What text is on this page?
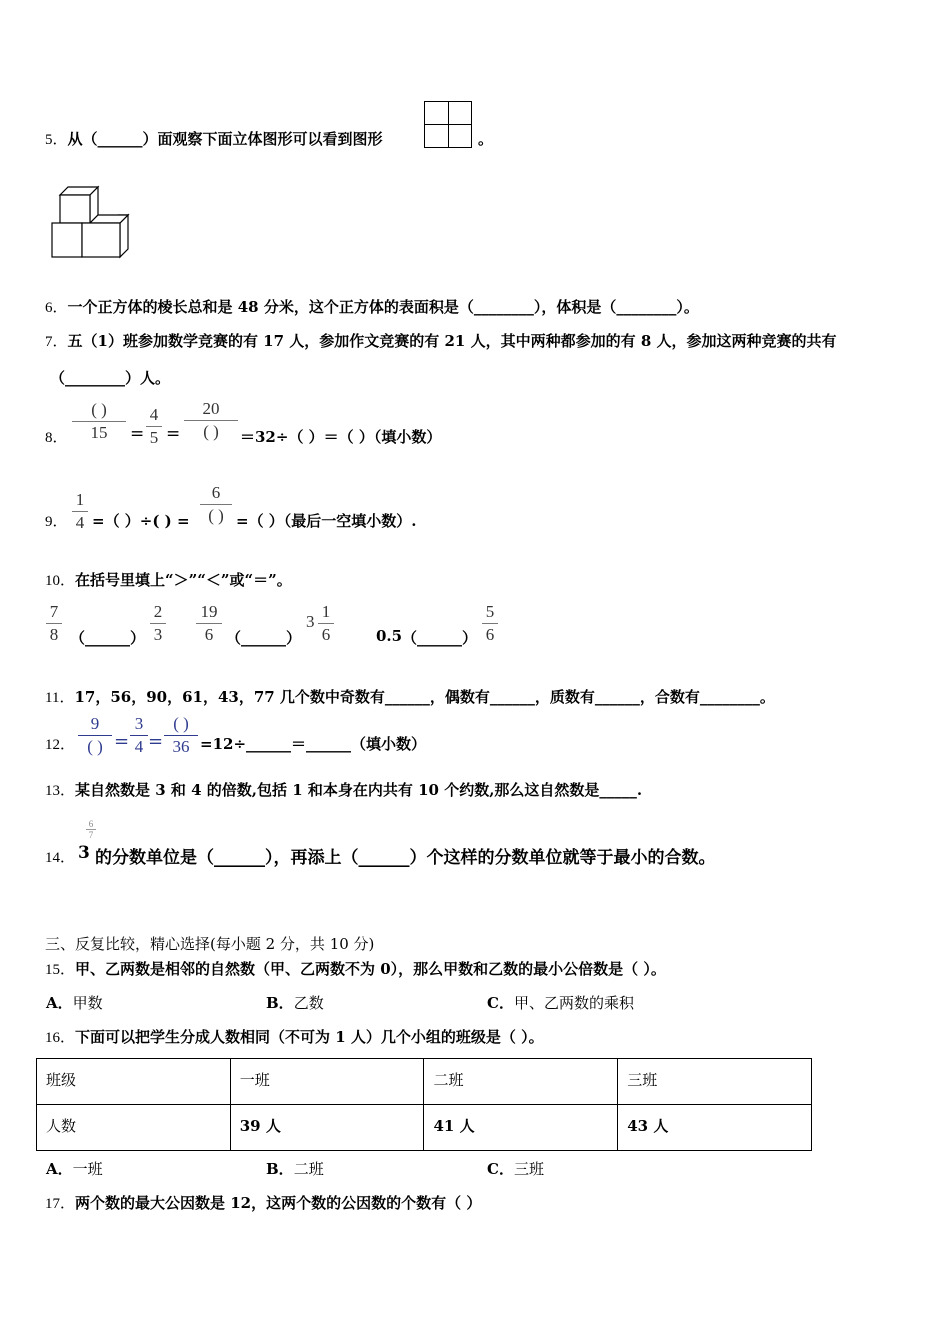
5．从（______）面观察下面立体图形可以看到图形	。
6．一个正方体的棱长总和是 48 分米，这个正方体的表面积是（________），体积是（________）。
7．五（1）班参加数学竞赛的有 17 人，参加作文竞赛的有 21 人，其中两种都参加的有 8 人，参加这两种竞赛的共有
（________）人。
8．
( )
15	=
4
5 =
20
( )	＝32÷（ ）＝（ ）（填小数）
9．
1
4 =（ ）÷( ) =
6
( ) =（ ）（最后一空填小数）.
10．在括号里填上“＞”“＜”或“＝”。
7
8 （______）
2
3
19
6 （______）
3
1
6	0.5 （______）
5
6
11．17，56，90，61，43，77 几个数中奇数有______，偶数有______，质数有______，合数有________。
12．
9
( ) =
3
4 =
( )
36 =12÷______＝______（填小数）
13．某自然数是 3 和 4 的倍数,包括 1 和本身在内共有 10 个约数,那么这自然数是_____.
14． 3
6
7
的分数单位是（______），再添上（______）个这样的分数单位就等于最小的合数。
三、反复比较，精心选择(每小题 2 分，共 10 分)
15．甲、乙两数是相邻的自然数（甲、乙两数不为 0），那么甲数和乙数的最小公倍数是（ ）。
A．甲数	B．乙数	C．甲、乙两数的乘积
16．下面可以把学生分成人数相同（不可为 1 人）几个小组的班级是（ ）。
班级	一班	二班	三班
人数	39 人	41 人	43 人
A．一班	B．二班	C．三班
17．两个数的最大公因数是 12，这两个数的公因数的个数有（ ）
